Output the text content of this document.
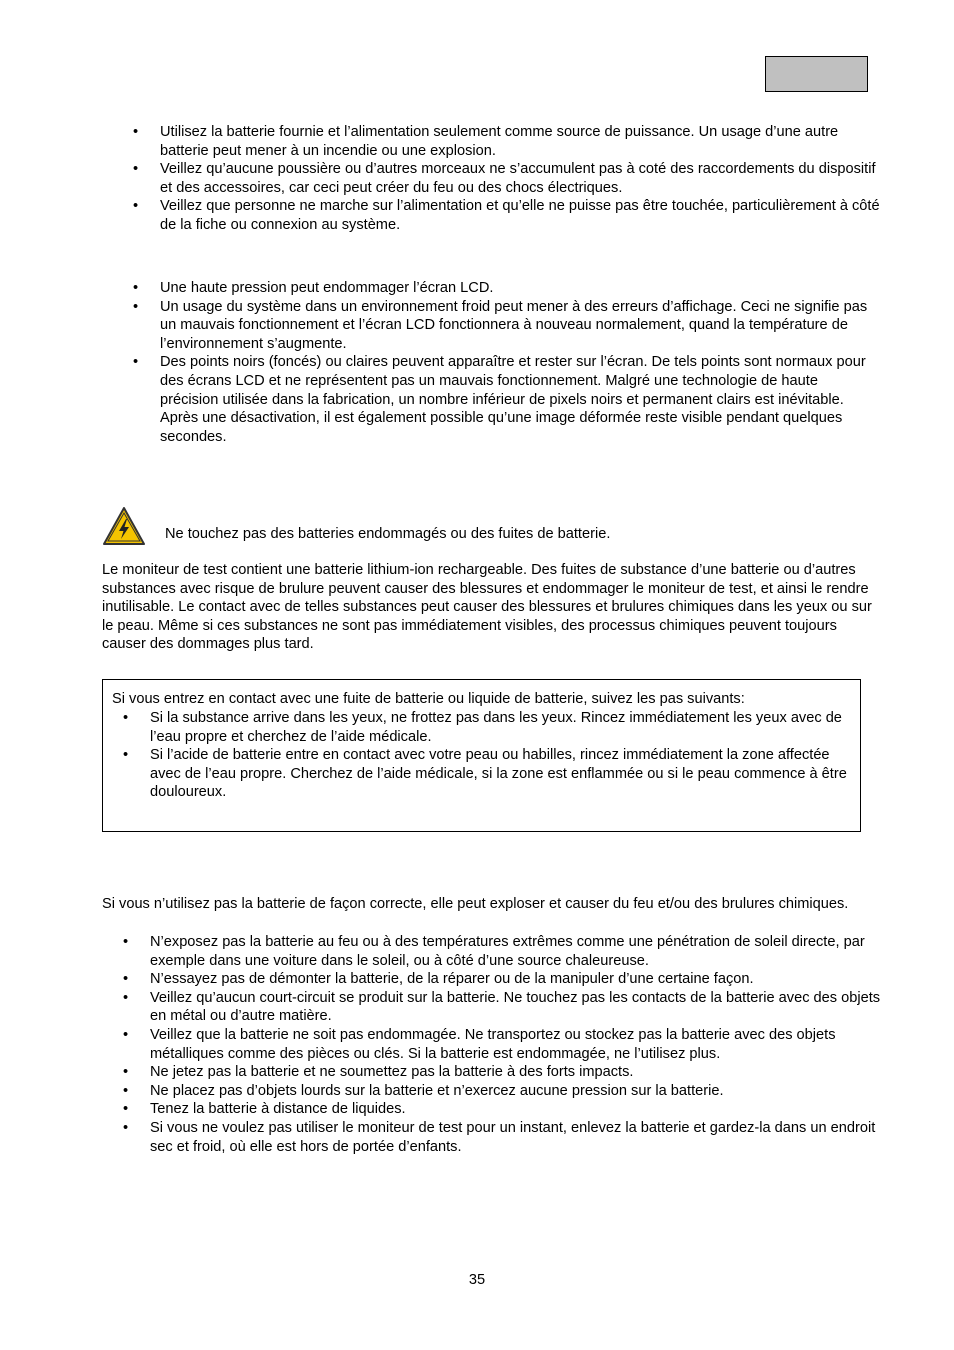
• Utilisez la batterie fournie et l’alimentation seulement comme source de puissance. Un usage d’une autre batterie peut mener à un incendie ou une explosion.
• Veillez qu’aucune poussière ou d’autres morceaux ne s’accumulent pas à coté des raccordements du dispositif et des accessoires, car ceci peut créer du feu ou des chocs électriques.
• Veillez que personne ne marche sur l’alimentation et qu’elle ne puisse pas être touchée, particulièrement à côté de la fiche ou connexion au système.
• Une haute pression peut endommager l’écran LCD.
• Un usage du système dans un environnement froid peut mener à des erreurs d’affichage. Ceci ne signifie pas un mauvais fonctionnement et l’écran LCD fonctionnera à nouveau normalement, quand la température de l’environnement s’augmente.
• Des points noirs (foncés) ou claires peuvent apparaître et rester sur l’écran. De tels points sont normaux pour des écrans LCD et ne représentent pas un mauvais fonctionnement. Malgré une technologie de haute précision utilisée dans la fabrication, un nombre inférieur de pixels noirs et permanent clairs est inévitable. Après une désactivation, il est également possible qu’une image déformée reste visible pendant quelques secondes.

Ne touchez pas des batteries endommagés ou des fuites de batterie.

Le moniteur de test contient une batterie lithium-ion rechargeable. Des fuites de substance d’une batterie ou d’autres substances avec risque de brulure peuvent causer des blessures et endommager le moniteur de test, et ainsi le rendre inutilisable. Le contact avec de telles substances peut causer des blessures et brulures chimiques dans les yeux ou sur le peau. Même si ces substances ne sont pas immédiatement visibles, des processus chimiques peuvent toujours causer des dommages plus tard.

Si vous entrez en contact avec une fuite de batterie ou liquide de batterie, suivez les pas suivants:

• Si la substance arrive dans les yeux, ne frottez pas dans les yeux. Rincez immédiatement les yeux avec de l’eau propre et cherchez de l’aide médicale.
• Si l’acide de batterie entre en contact avec votre peau ou habilles, rincez immédiatement la zone affectée avec de l’eau propre. Cherchez de l’aide médicale, si la zone est enflammée ou si le peau commence à être douloureux.

Si vous n’utilisez pas la batterie de façon correcte, elle peut exploser et causer du feu et/ou des brulures chimiques.

• N’exposez pas la batterie au feu ou à des températures extrêmes comme une pénétration de soleil directe, par exemple dans une voiture dans le soleil, ou à côté d’une source chaleureuse.
• N’essayez pas de démonter la batterie, de la réparer ou de la manipuler d’une certaine façon.
• Veillez qu’aucun court-circuit se produit sur la batterie. Ne touchez pas les contacts de la batterie avec des objets en métal ou d’autre matière.
• Veillez que la batterie ne soit pas endommagée. Ne transportez ou stockez pas la batterie avec des objets métalliques comme des pièces ou clés. Si la batterie est endommagée, ne l’utilisez plus.
• Ne jetez pas la batterie et ne soumettez pas la batterie à des forts impacts.
• Ne placez pas d’objets lourds sur la batterie et n’exercez aucune pression sur la batterie.
• Tenez la batterie à distance de liquides.
• Si vous ne voulez pas utiliser le moniteur de test pour un instant, enlevez la batterie et gardez-la dans un endroit sec et froid, où elle est hors de portée d’enfants.
35
